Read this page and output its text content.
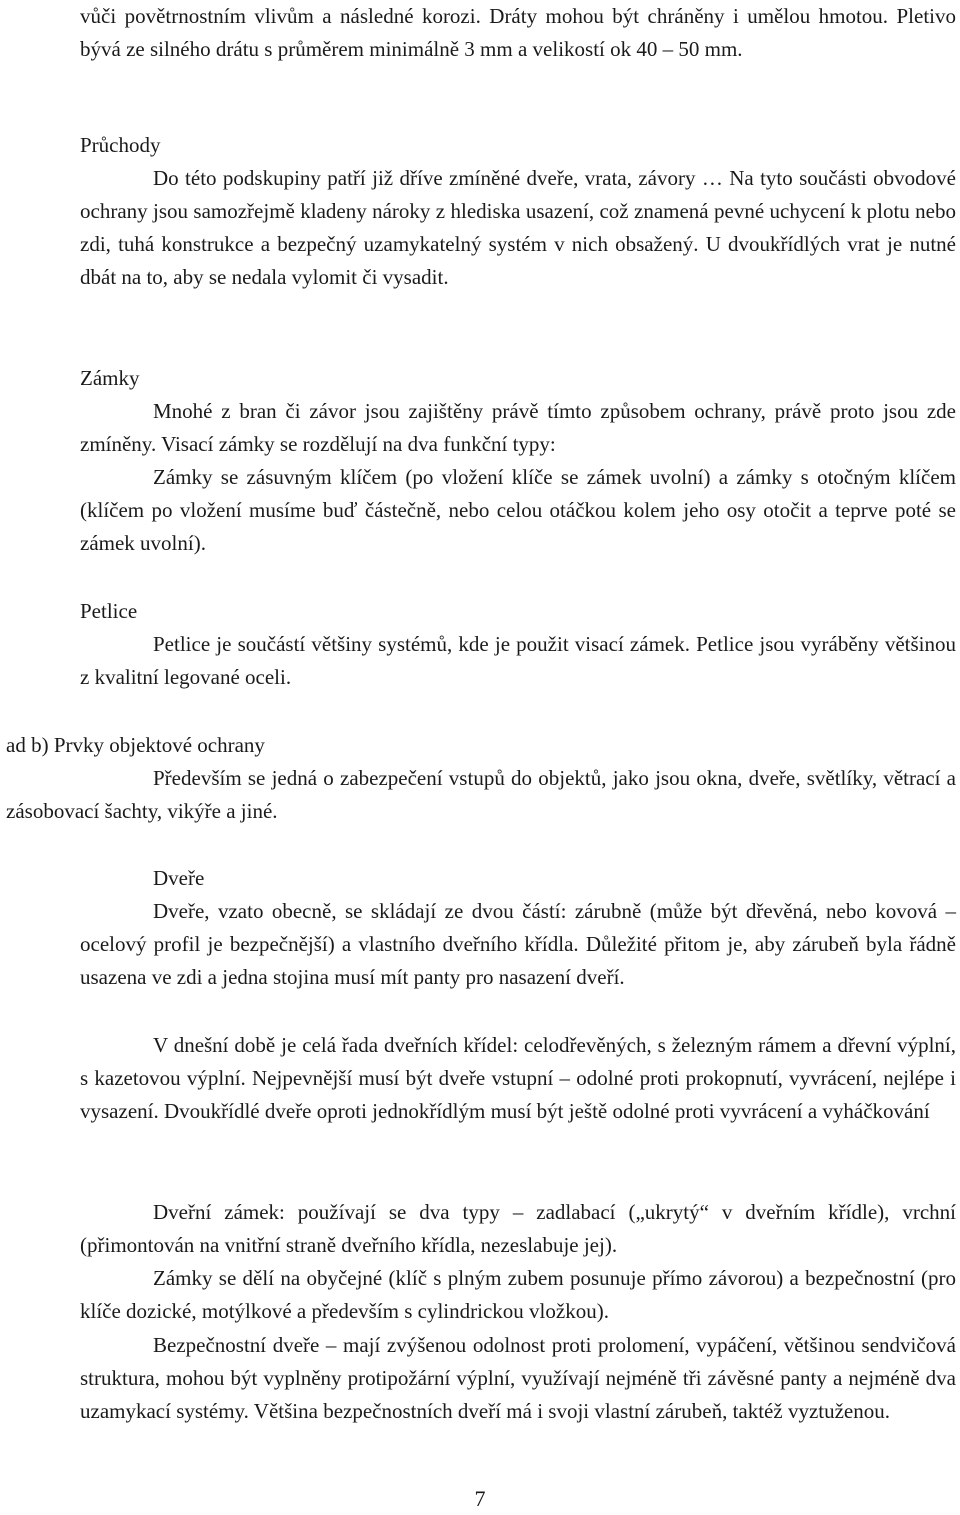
vůči povětrnostním vlivům a následné korozi. Dráty mohou být chráněny i umělou hmotou. Pletivo bývá ze silného drátu s průměrem minimálně 3 mm a velikostí ok 40 – 50 mm.

Průchody

Do této podskupiny patří již dříve zmíněné dveře, vrata, závory … Na tyto součásti obvodové ochrany jsou samozřejmě kladeny nároky z hlediska usazení, což znamená pevné uchycení k plotu nebo zdi, tuhá konstrukce a bezpečný uzamykatelný systém v nich obsažený. U dvoukřídlých vrat je nutné dbát na to, aby se nedala vylomit či vysadit.

Zámky

Mnohé z bran či závor jsou zajištěny právě tímto způsobem ochrany, právě proto jsou zde zmíněny. Visací zámky se rozdělují na dva funkční typy:

Zámky se zásuvným klíčem (po vložení klíče se zámek uvolní) a zámky s otočným klíčem (klíčem po vložení musíme buď částečně, nebo celou otáčkou kolem jeho osy otočit a teprve poté se zámek uvolní).

Petlice

Petlice je součástí většiny systémů, kde je použit visací zámek. Petlice jsou vyráběny většinou z kvalitní legované oceli.

ad b) Prvky objektové ochrany

Především se jedná o zabezpečení vstupů do objektů, jako jsou okna, dveře, světlíky, větrací a zásobovací šachty, vikýře a jiné.

Dveře

Dveře, vzato obecně, se skládají ze dvou částí: zárubně (může být dřevěná, nebo kovová – ocelový profil je bezpečnější) a vlastního dveřního křídla. Důležité přitom je, aby zárubeň byla řádně usazena ve zdi a jedna stojina musí mít panty pro nasazení dveří.

V dnešní době je celá řada dveřních křídel: celodřevěných, s železným rámem a dřevní výplní, s kazetovou výplní. Nejpevnější musí být dveře vstupní – odolné proti prokopnutí, vyvrácení, nejlépe i vysazení. Dvoukřídlé dveře oproti jednokřídlým musí být ještě odolné proti vyvrácení a vyháčkování

Dveřní zámek: používají se dva typy – zadlabací („ukrytý“ v dveřním křídle), vrchní (přimontován na vnitřní straně dveřního křídla, nezeslabuje jej).

Zámky se dělí na obyčejné (klíč s plným zubem posunuje přímo závorou) a bezpečnostní (pro klíče dozické, motýlkové a především s cylindrickou vložkou).

Bezpečnostní dveře – mají zvýšenou odolnost proti prolomení, vypáčení, většinou sendvičová struktura, mohou být vyplněny protipožární výplní, využívají nejméně tři závěsné panty a nejméně dva uzamykací systémy. Většina bezpečnostních dveří má i svoji vlastní zárubeň, taktéž vyztuženou.

7
